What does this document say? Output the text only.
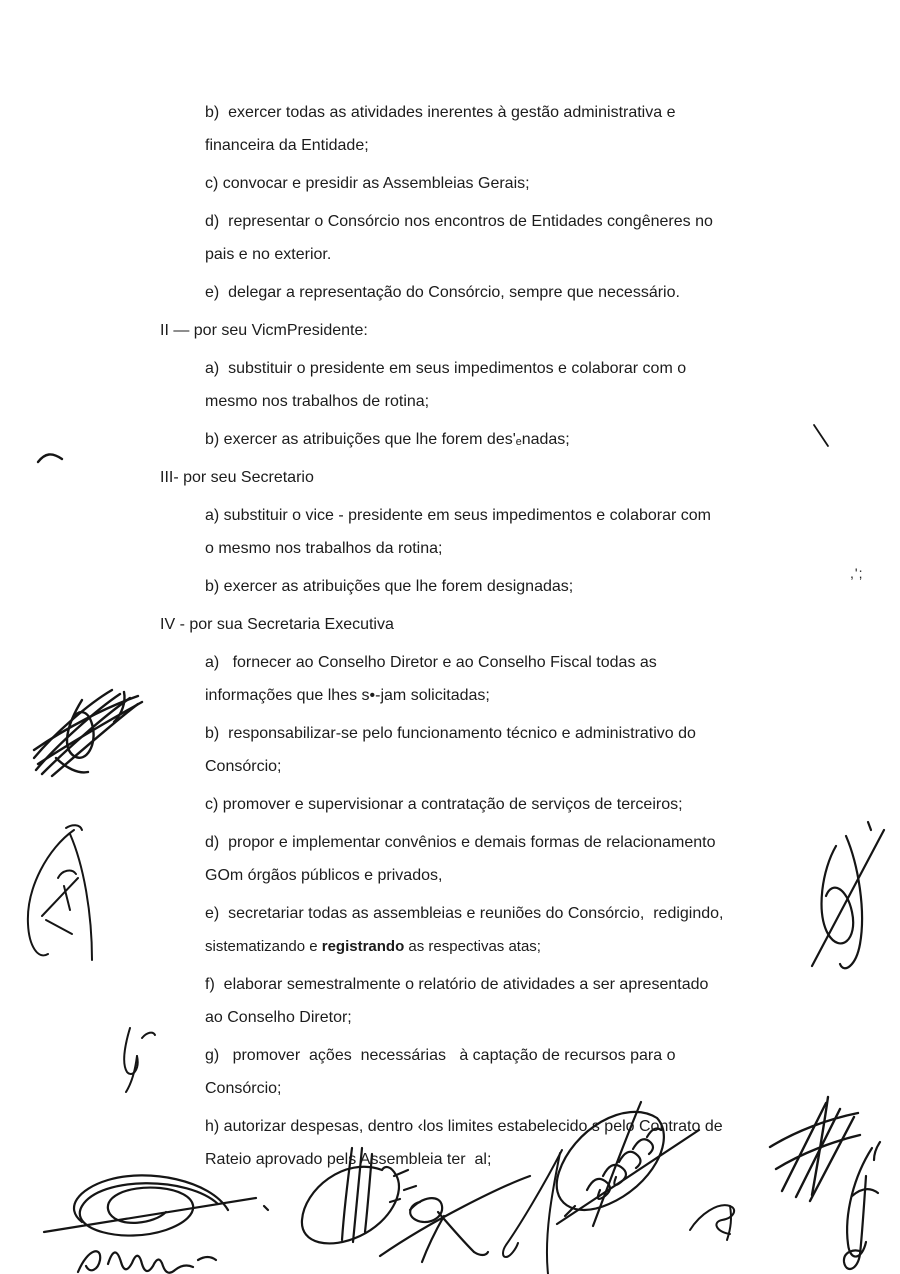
b)  exercer todas as atividades inerentes à gestão administrativa e
financeira da Entidade;
c) convocar e presidir as Assembleias Gerais;
d)  representar o Consórcio nos encontros de Entidades congêneres no
pais e no exterior.
e)  delegar a representação do Consórcio, sempre que necessário.
II — por seu VicmPresidente:
a)  substituir o presidente em seus impedimentos e colaborar com o
mesmo nos trabalhos de rotina;
b) exercer as atribuições que lhe forem des'ₑnadas;
III- por seu Secretario
a) substituir o vice - presidente em seus impedimentos e colaborar com
o mesmo nos trabalhos da rotina;
b) exercer as atribuições que lhe forem designadas;
IV - por sua Secretaria Executiva
a)   fornecer ao Conselho Diretor e ao Conselho Fiscal todas as
informações que lhes s•-jam solicitadas;
b)  responsabilizar-se pelo funcionamento técnico e administrativo do
Consórcio;
c) promover e supervisionar a contratação de serviços de terceiros;
d)  propor e implementar convênios e demais formas de relacionamento
GOm órgãos públicos e privados,
e)  secretariar todas as assembleias e reuniões do Consórcio,  redigindo,
sistematizando e registrando as respectivas atas;
f)  elaborar semestralmente o relatório de atividades a ser apresentado
ao Conselho Diretor;
g)   promover  ações  necessárias   à captação de recursos para o
Consórcio;
h) autorizar despesas, dentro ‹los limites estabelecido s pelo Contrato de
Rateio aprovado pels Assembleia ter  al;
,';
